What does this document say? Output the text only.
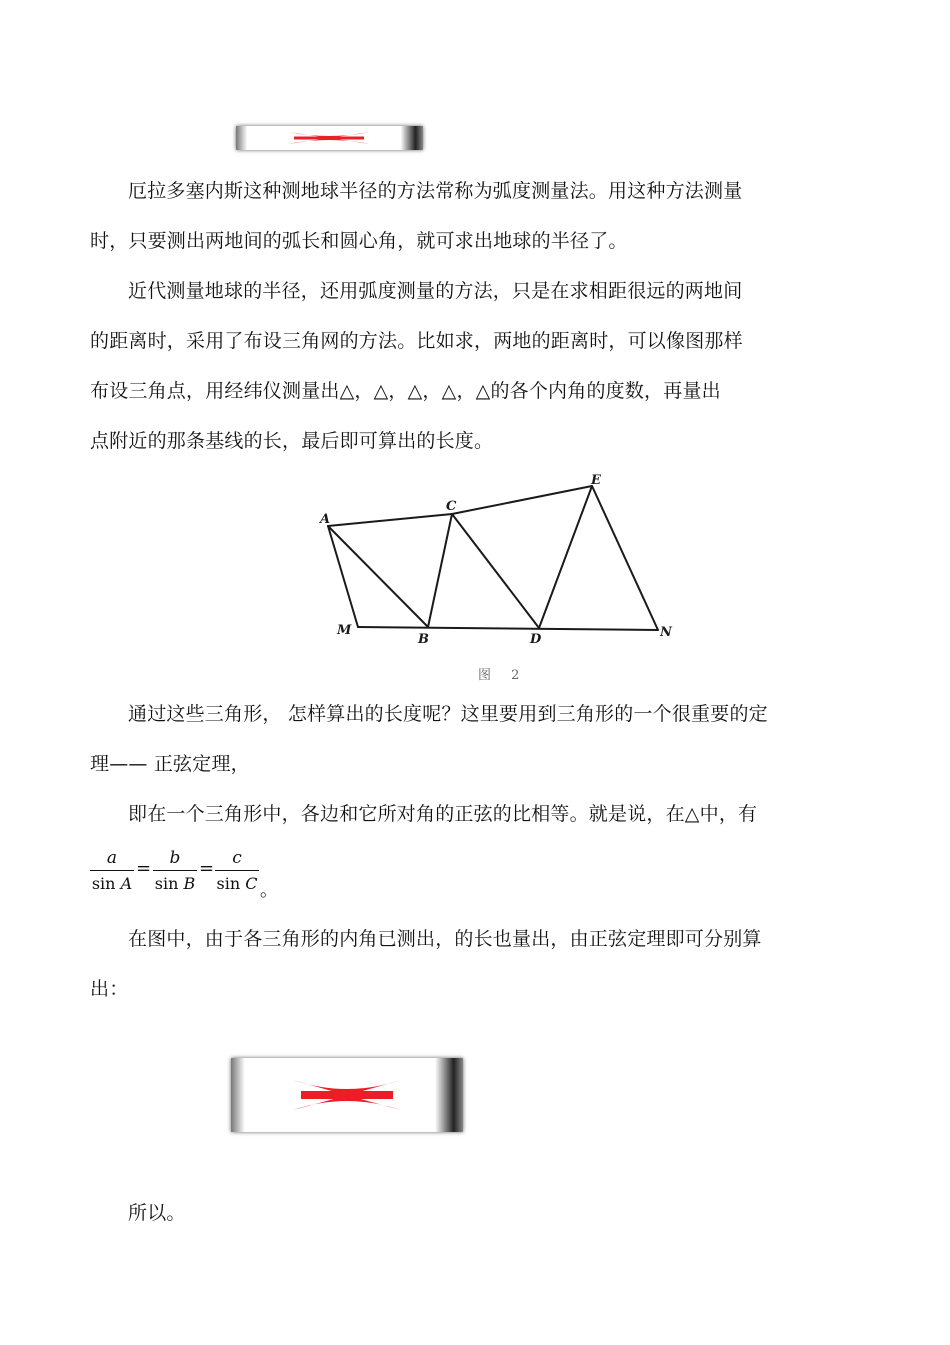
厄拉多塞内斯这种测地球半径的方法常称为弧度测量法。用这种方法测量
时，只要测出两地间的弧长和圆心角，就可求出地球的半径了。
近代测量地球的半径，还用弧度测量的方法，只是在求相距很远的两地间
的距离时，采用了布设三角网的方法。比如求，两地的距离时，可以像图那样
布设三角点，用经纬仪测量出△，△，△，△，△的各个内角的度数，再量出
点附近的那条基线的长，最后即可算出的长度。
A
C
E
M
B	D	N
图 2
通过这些三角形， 怎样算出的长度呢？这里要用到三角形的一个很重要的定
理—— 正弦定理，
即在一个三角形中，各边和它所对角的正弦的比相等。就是说，在△中，有
a
sin A
=	b
sin B
=	c
sin C 。
在图中，由于各三角形的内角已测出，的长也量出，由正弦定理即可分别算
出：
所以。
